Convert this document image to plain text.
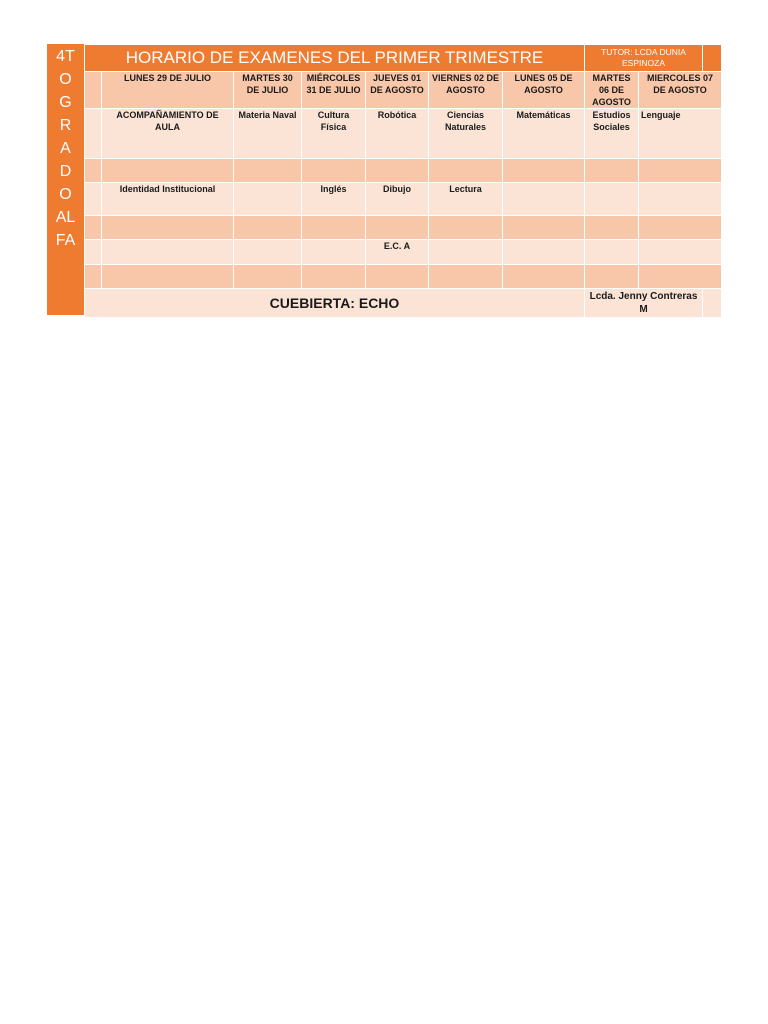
4T
O
G
R
A
D
O
AL
FA
HORARIO DE EXAMENES DEL PRIMER TRIMESTRE							TUTOR: LCDA DUNIA ESPINOZA		
	LUNES 29 DE JULIO	MARTES 30 DE JULIO	MIÉRCOLES 31 DE JULIO	JUEVES 01 DE AGOSTO	VIERNES 02 DE AGOSTO	LUNES 05 DE AGOSTO	MARTES 06 DE AGOSTO	MIERCOLES 07 DE AGOSTO	
	ACOMPAÑAMIENTO DE AULA	Materia Naval	Cultura Física	Robótica	Ciencias Naturales	Matemáticas	Estudios Sociales	Lenguaje	

	Identidad Institucional		Inglés	Dibujo	Lectura				

				E.C. A					

CUEBIERTA: ECHO							Lcda. Jenny Contreras M		
